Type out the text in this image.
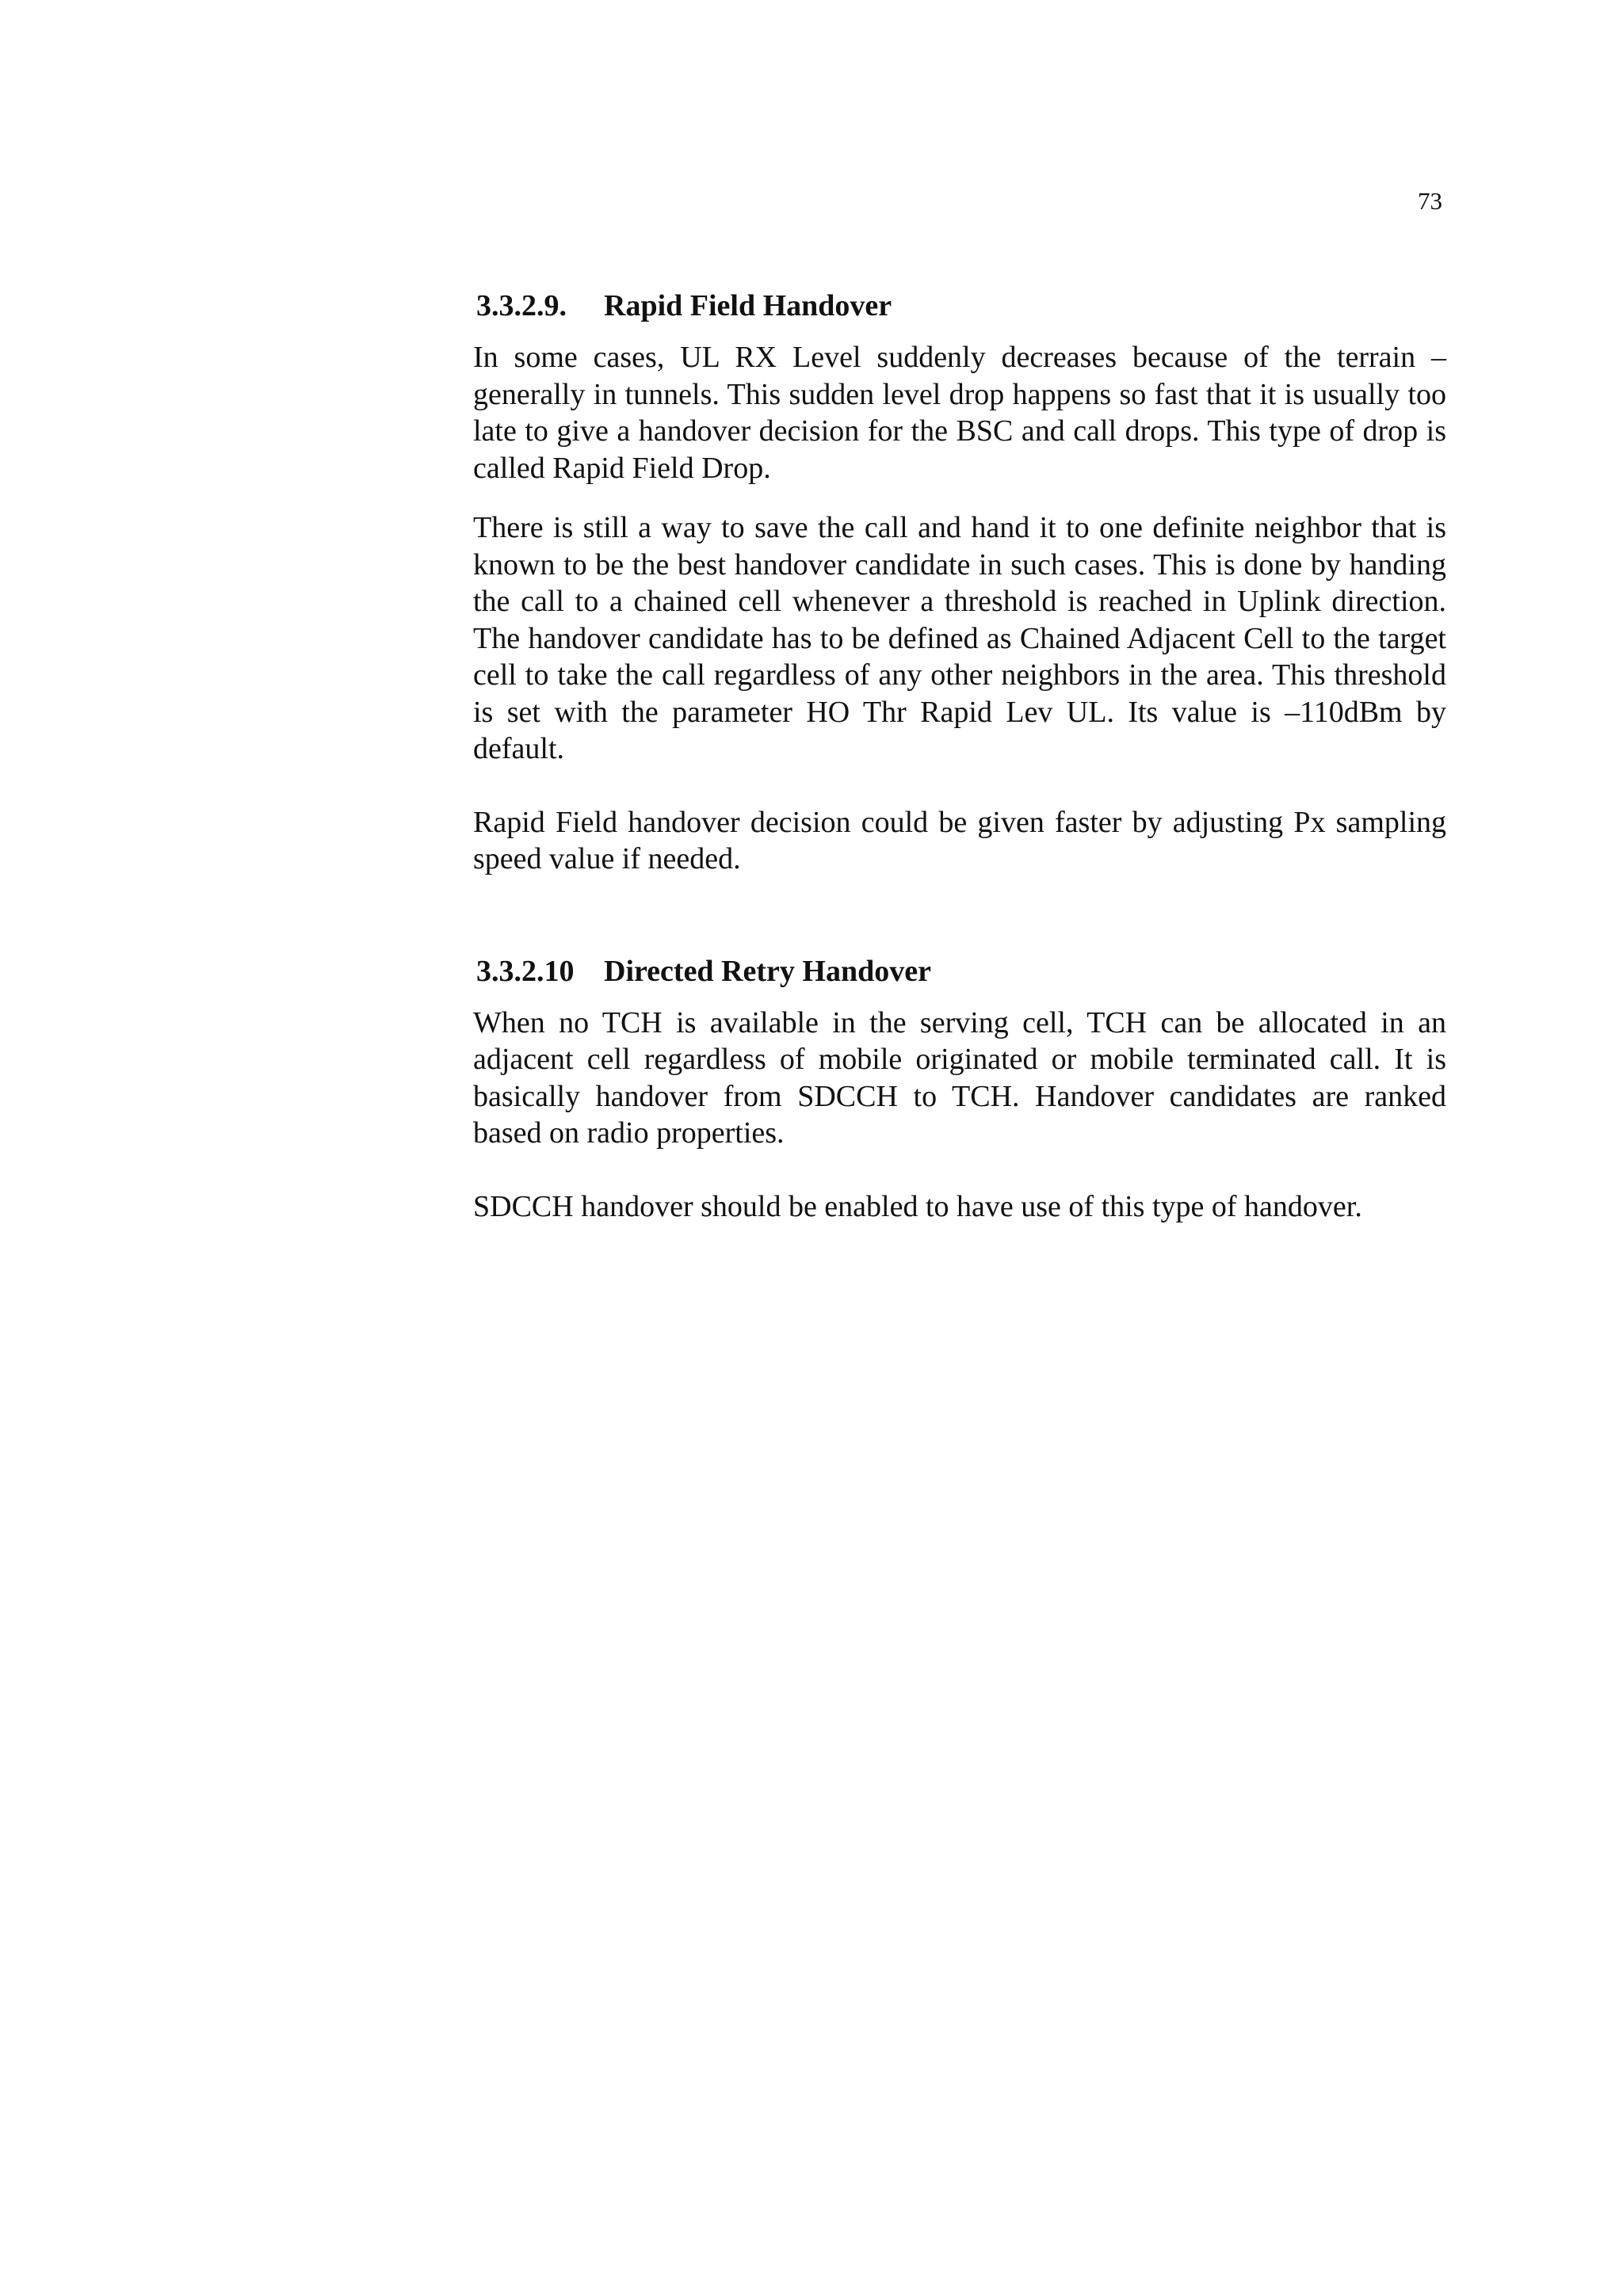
73
3.3.2.9.	Rapid Field Handover

In some cases, UL RX Level suddenly decreases because of the terrain – generally in tunnels. This sudden level drop happens so fast that it is usually too late to give a handover decision for the BSC and call drops. This type of drop is called Rapid Field Drop.

There is still a way to save the call and hand it to one definite neighbor that is known to be the best handover candidate in such cases. This is done by handing the call to a chained cell whenever a threshold is reached in Uplink direction. The handover candidate has to be defined as Chained Adjacent Cell to the target cell to take the call regardless of any other neighbors in the area. This threshold is set with the parameter HO Thr Rapid Lev UL. Its value is –110dBm by default.

Rapid Field handover decision could be given faster by adjusting Px sampling speed value if needed.

3.3.2.10 Directed Retry Handover

When no TCH is available in the serving cell, TCH can be allocated in an adjacent cell regardless of mobile originated or mobile terminated call. It is basically handover from SDCCH to TCH. Handover candidates are ranked based on radio properties.

SDCCH handover should be enabled to have use of this type of handover.
